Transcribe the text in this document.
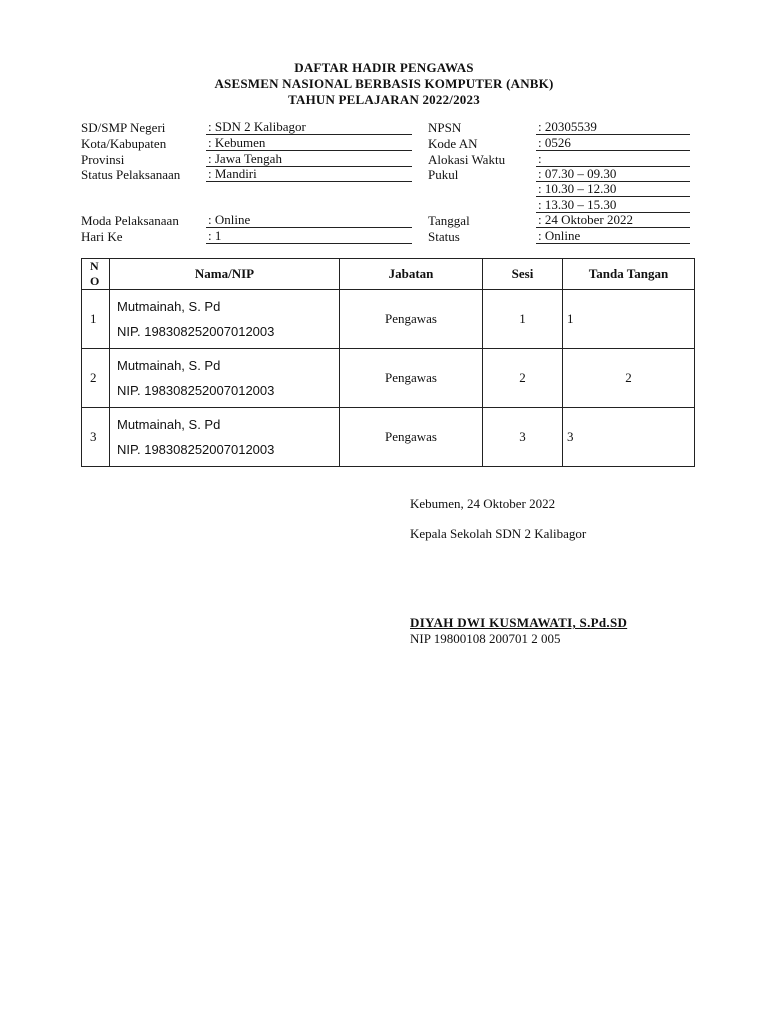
DAFTAR HADIR PENGAWAS
ASESMEN NASIONAL BERBASIS KOMPUTER (ANBK)
TAHUN PELAJARAN 2022/2023
SD/SMP Negeri	: SDN 2 Kalibagor
Kota/Kabupaten	: Kebumen
Provinsi	: Jawa Tengah
Status Pelaksanaan : Mandiri
Moda Pelaksanaan : Online
Hari Ke	: 1
NPSN	: 20305539
Kode AN	: 0526
Alokasi Waktu	:
Pukul	: 07.30 – 09.30
: 10.30 – 12.30
: 13.30 – 15.30
Tanggal	: 24 Oktober 2022
Status	: Online
N
O	Nama/NIP	Jabatan	Sesi	Tanda Tangan
1	Mutmainah, S. Pd
NIP. 198308252007012003	Pengawas	1	1
2	Mutmainah, S. Pd
NIP. 198308252007012003	Pengawas	2	2
3	Mutmainah, S. Pd
NIP. 198308252007012003	Pengawas	3	3
Kebumen, 24 Oktober 2022
Kepala Sekolah SDN 2 Kalibagor
DIYAH DWI KUSMAWATI, S.Pd.SD
NIP 19800108 200701 2 005
